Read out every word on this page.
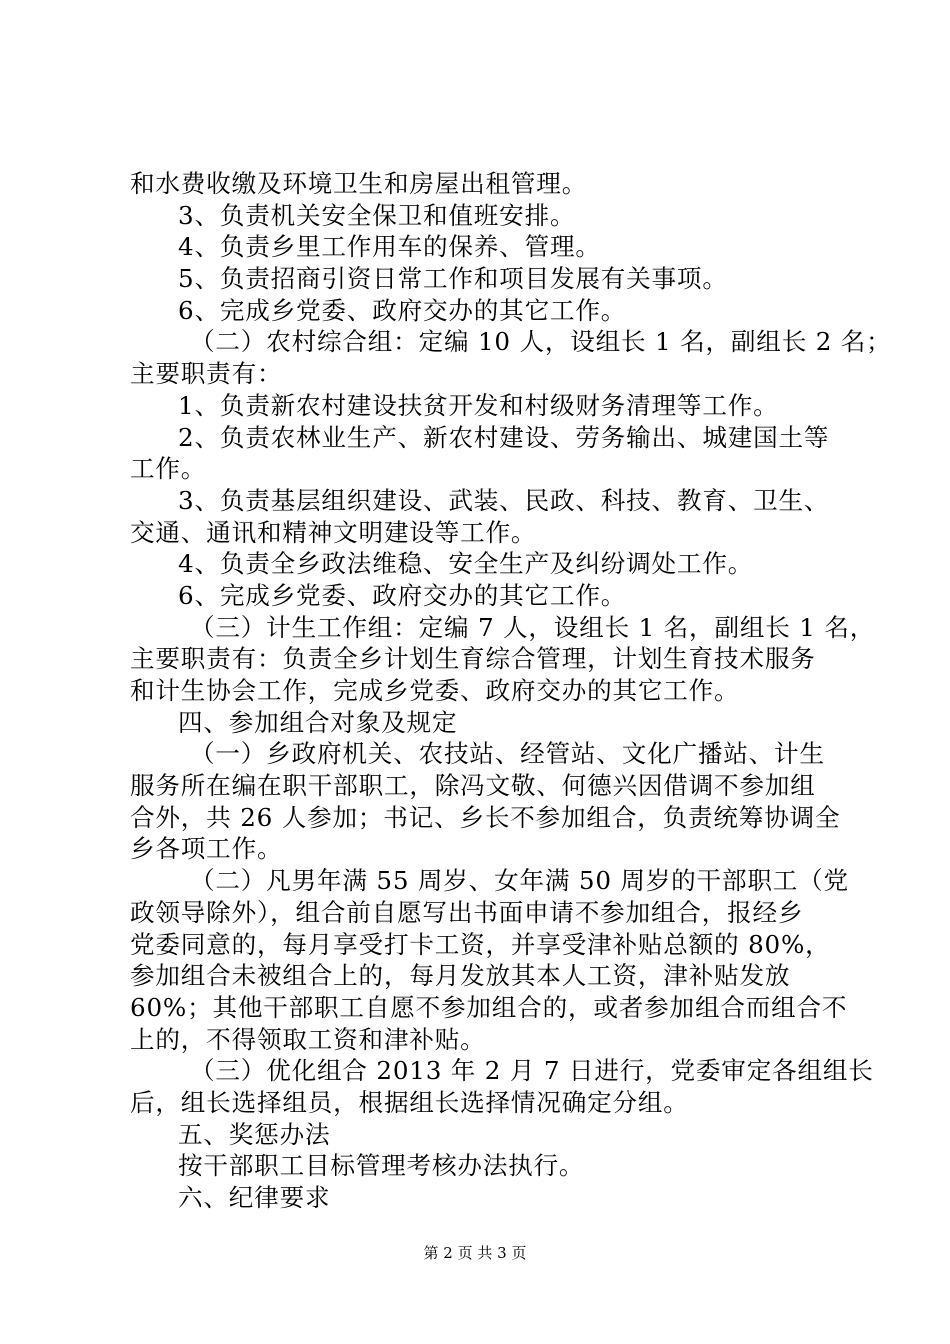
和水费收缴及环境卫生和房屋出租管理。
3、负责机关安全保卫和值班安排。
4、负责乡里工作用车的保养、管理。
5、负责招商引资日常工作和项目发展有关事项。
6、完成乡党委、政府交办的其它工作。
（二）农村综合组：定编 10 人，设组长 1 名，副组长 2 名；
主要职责有：
1、负责新农村建设扶贫开发和村级财务清理等工作。
2、负责农林业生产、新农村建设、劳务输出、城建国土等
工作。
3、负责基层组织建设、武装、民政、科技、教育、卫生、
交通、通讯和精神文明建设等工作。
4、负责全乡政法维稳、安全生产及纠纷调处工作。
6、完成乡党委、政府交办的其它工作。
（三）计生工作组：定编 7 人，设组长 1 名，副组长 1 名，
主要职责有：负责全乡计划生育综合管理，计划生育技术服务
和计生协会工作，完成乡党委、政府交办的其它工作。
四、参加组合对象及规定
（一）乡政府机关、农技站、经管站、文化广播站、计生
服务所在编在职干部职工，除冯文敬、何德兴因借调不参加组
合外，共 26 人参加；书记、乡长不参加组合，负责统筹协调全
乡各项工作。
（二）凡男年满 55 周岁、女年满 50 周岁的干部职工（党
政领导除外），组合前自愿写出书面申请不参加组合，报经乡
党委同意的，每月享受打卡工资，并享受津补贴总额的 80%，
参加组合未被组合上的，每月发放其本人工资，津补贴发放
60%；其他干部职工自愿不参加组合的，或者参加组合而组合不
上的，不得领取工资和津补贴。
（三）优化组合 2013 年 2 月 7 日进行，党委审定各组组长
后，组长选择组员，根据组长选择情况确定分组。
五、奖惩办法
按干部职工目标管理考核办法执行。
六、纪律要求
第 2 页 共 3 页
